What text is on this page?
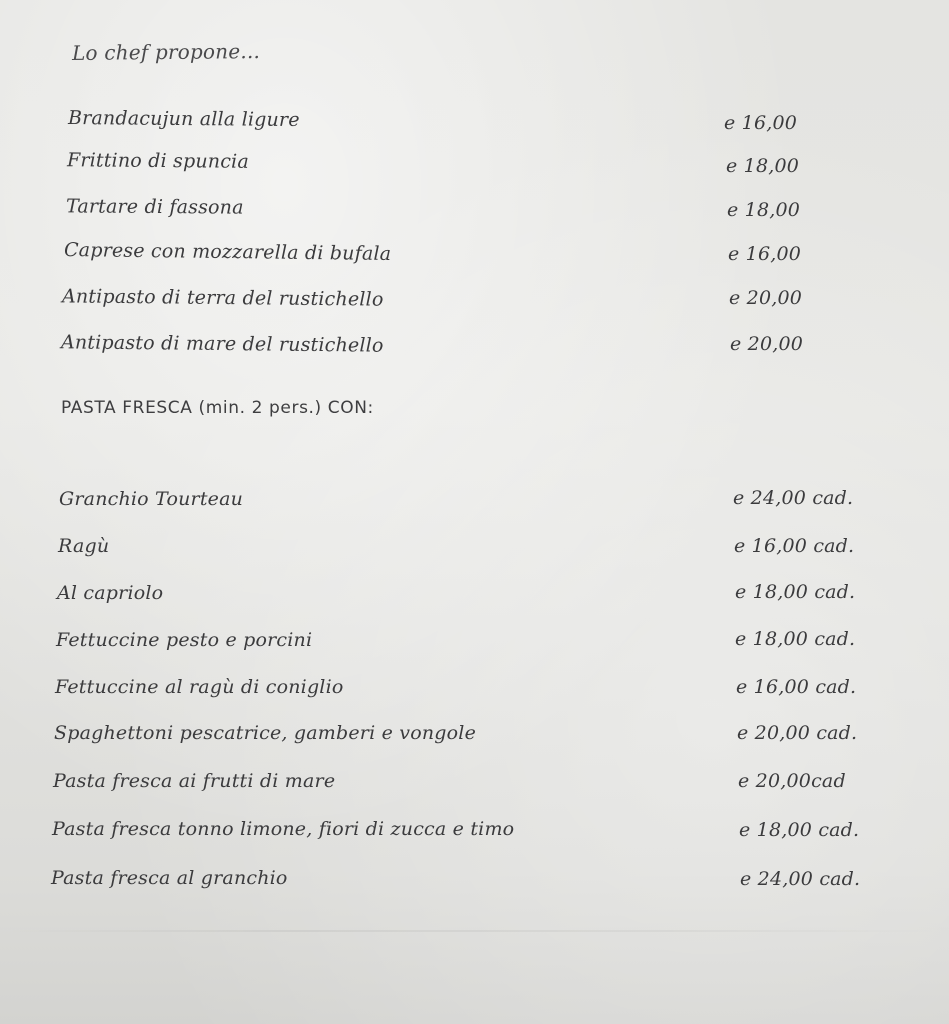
Lo chef propone...
Brandacujun alla ligure	e 16,00
Frittino di spuncia	e 18,00
Tartare di fassona	e 18,00
Caprese con mozzarella di bufala	e 16,00
Antipasto di terra del rustichello	e 20,00
Antipasto di mare del rustichello	e 20,00
PASTA FRESCA (min. 2 pers.) CON:
Granchio Tourteau	e 24,00 cad.
Ragù	e 16,00 cad.
Al capriolo	e 18,00 cad.
Fettuccine pesto e porcini	e 18,00 cad.
Fettuccine al ragù di coniglio	e 16,00 cad.
Spaghettoni pescatrice, gamberi e vongole	e 20,00 cad.
Pasta fresca ai frutti di mare	e 20,00cad
Pasta fresca tonno limone, fiori di zucca e timo	e 18,00 cad.
Pasta fresca al granchio	e 24,00 cad.
